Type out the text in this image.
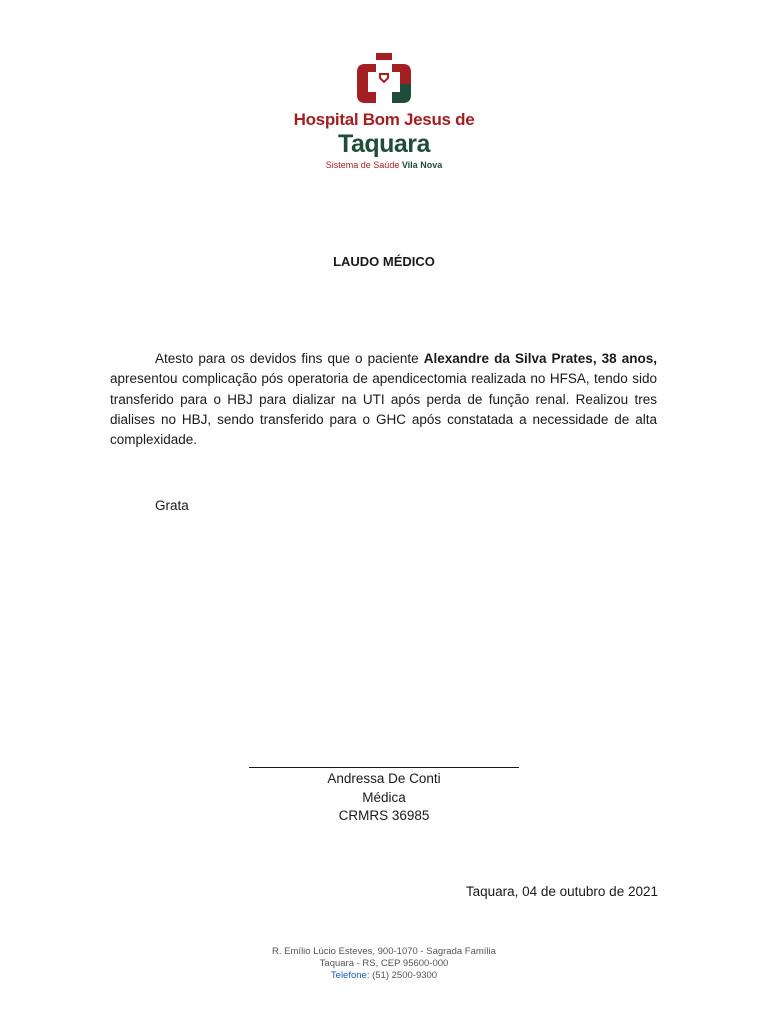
Hospital Bom Jesus de
Taquara
Sistema de Saúde Vila Nova
LAUDO MÉDICO

Atesto para os devidos fins que o paciente Alexandre da Silva Prates, 38 anos, apresentou complicação pós operatoria de apendicectomia realizada no HFSA, tendo sido transferido para o HBJ para dializar na UTI após perda de função renal. Realizou tres dialises no HBJ, sendo transferido para o GHC após constatada a necessidade de alta complexidade.

Grata
Andressa De Conti
Médica
CRMRS 36985
Taquara, 04 de outubro de 2021
R. Emílio Lúcio Esteves, 900-1070 - Sagrada Família
Taquara - RS, CEP 95600-000
Telefone: (51) 2500-9300
